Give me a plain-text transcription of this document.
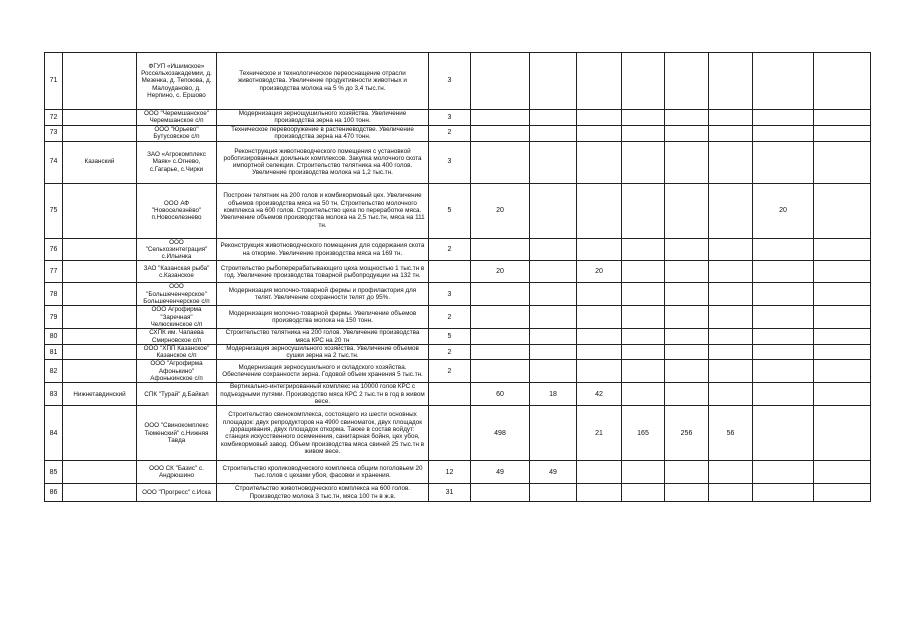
71		ФГУП «Ишимское» Россельхозакадемии, д. Мезенка, д. Тепоюва, д. Малоуданово, д. Нерпино, с. Ершово	Техническое и технологическое переоснащение отрасли животноводства. Увеличение продуктивности животных и производства молока на 5 % до 3,4 тыс.тн.	3								
72		ООО "Черемшанское" Черемшанское с/п	Модернизация зернощушильного хозяйства. Увеличение производства зерна на 100 тонн.	3								
73		ООО "Юрьево" Бутусовское с/п	Техническое перевооружение в растениеводстве. Увеличение производства зерна на 470 тонн.	2								
74	Казанский	ЗАО «Агрокомплекс Маяк» с.Огнево, с.Гагарье, с.Чирки	Реконструкция животноводческого помещения с установкой роботизированных доильных комплексов. Закупка молочного скота импортной селекции. Строительство телятника на 400 голов. Увеличение производства молока на 1,2 тыс.тн.	3								
75		ООО АФ "Новоселезнёво" п.Новоселезнево	Построен телятник на 200 голов и комбикормовый цех. Увеличение объемов производства мяса на 50 тн. Строительство молочного комплекса на 600 голов. Строительство цеха по переработке мяса. Увеличение объемов производства молока на 2,5 тыс.тн, мяса на 111 тн.	5	20						20	
76		ООО "Сельхозинтеграция" с.Ильинка	Реконструкция животноводческого помещения для содержания скота на откорме. Увеличение производства мяса на 169 тн.	2								
77		ЗАО "Казанская рыба" с.Казанское	Строительство рыбоперерабатывающего цеха мощностью 1 тыс.тн в год. Увеличение производства товарной рыбопродукции на 132 тн.		20		20					
78		ООО "Большеченчерское" Большеченчерское с/п	Модернизация молочно-товарной фермы и профилактория для телят. Увеличение сохранности телят до 95%.	3								
79		ООО Агрофирма "Заречная" Челюскинское с/п	Модернизация молочно-товарной фермы. Увеличение объемов производства молока на 150 тонн.	2								
80		СХПК им. Чапаева Смирновское с/п	Строительство телятника на 200 голов. Увеличение производства мяса КРС на 20 тн	5								
81		ООО "ХПП Казанское" Казанское с/п	Модернизация зерносушильного хозяйства. Увеличение объемов сушки зерна на 2 тыс.тн.	2								
82		ООО "Агрофирма Афонькино" Афонькинское с/п	Модернизация зерносушильного и складского хозяйства. Обеспечение сохранности зерна. Годовой объем хранения 5 тыс.тн.	2								
83	Нижнетавдинский	СПК "Турай" д.Байкал	Вертикально-интегрированный комплекс на 10000 голов КРС с подъездными путями. Производство мяса КРС 2 тыс.тн в год в живом весе.		60	18	42					
84		ООО "Свинокомплекс Тюменский" с.Нижняя Тавда	Строительство свинокомплекса, состоящего из шести основных площадок: двух репродукторов на 4900 свиноматок, двух площадок доращивания, двух площадок откорма. Также в состав войдут: станция искусственного осеменения, санитарная бойня, цех убоя, комбикормовый завод. Объем производства мяса свиней 25 тыс.тн в живом весе.		498		21	165	256	56		
85		ООО СК "Базис" с. Андрюшино	Строительство кролиководческого комплекса общим поголовьем 20 тыс.голов с цехами убоя, фасовки и хранения.	12	49	49						
86		ООО "Прогресс" с.Иска	Строительство животноводческого комплекса на 600 голов. Производство молока 3 тыс.тн, мяса 100 тн в ж.в.	31								
